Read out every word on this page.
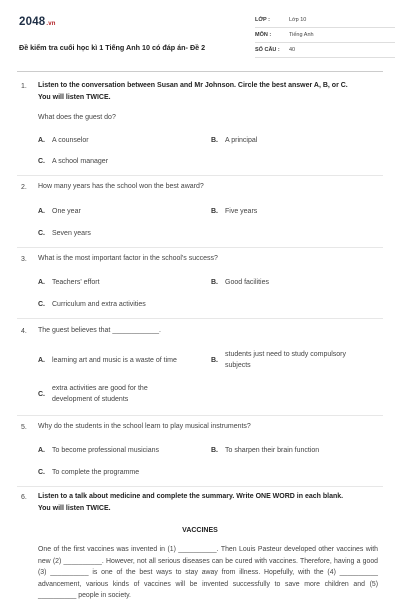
2048.vn
Đề kiểm tra cuối học kì 1 Tiếng Anh 10 có đáp án- Đề 2
LỚP :	Lớp 10
MÔN :	Tiếng Anh
SỐ CÂU :	40
1. Listen to the conversation between Susan and Mr Johnson. Circle the best answer A, B, or C.
You will listen TWICE.
What does the guest do?
A. A counselor	B. A principal
C. A school manager
2. How many years has the school won the best award?
A. One year	B. Five years
C. Seven years
3. What is the most important factor in the school's success?
A. Teachers' effort	B. Good facilities
C. Curriculum and extra activities
4. The guest believes that ____________.
A. learning art and music is a waste of time	B.
students just need to study compulsory
subjects
C.
extra activities are good for the
development of students
5. Why do the students in the school learn to play musical instruments?
A. To become professional musicians	B. To sharpen their brain function
C. To complete the programme
6. Listen to a talk about medicine and complete the summary. Write ONE WORD in each blank.
You will listen TWICE.
VACCINES
One of the first vaccines was invented in (1) __________. Then Louis Pasteur developed other vaccines with new (2) __________. However, not all serious diseases can be cured with vaccines. Therefore, having a good (3) __________ is one of the best ways to stay away from illness. Hopefully, with the (4) __________ advancement, various kinds of vaccines will be invented successfully to save more children and (5) __________ people in society.
